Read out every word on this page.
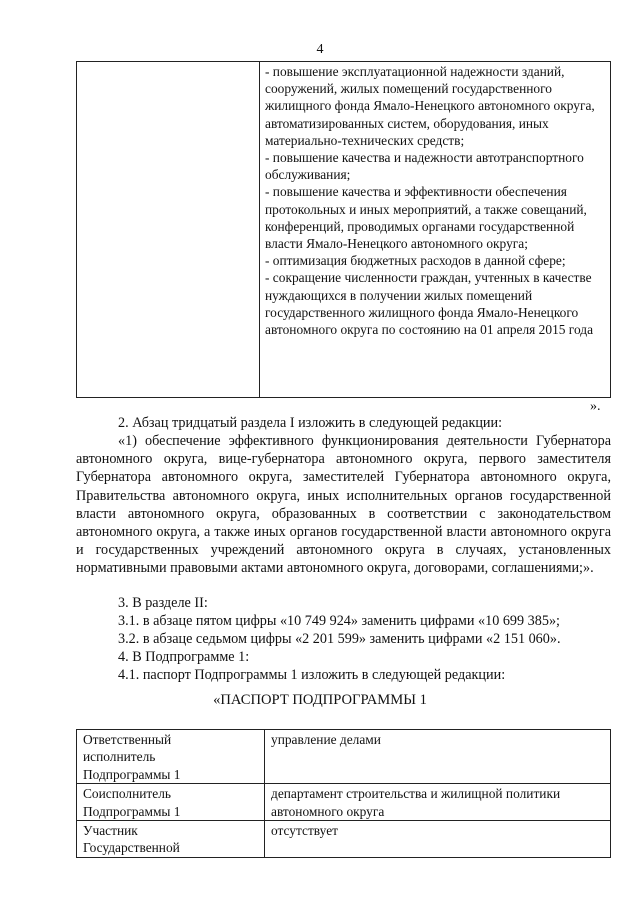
4

- повышение эксплуатационной надежности зданий, сооружений, жилых помещений государственного жилищного фонда Ямало-Ненецкого автономного округа, автоматизированных систем, оборудования, иных материально-технических средств;

- повышение качества и надежности автотранспортного обслуживания;

- повышение качества и эффективности обеспечения протокольных и иных мероприятий, а также совещаний, конференций, проводимых органами государственной власти Ямало-Ненецкого автономного округа;

- оптимизация бюджетных расходов в данной сфере;

- сокращение численности граждан, учтенных в качестве нуждающихся в получении жилых помещений государственного жилищного фонда Ямало-Ненецкого автономного округа по состоянию на 01 апреля 2015 года

».

2. Абзац тридцатый раздела I изложить в следующей редакции:

«1) обеспечение эффективного функционирования деятельности Губернатора автономного округа, вице-губернатора автономного округа, первого заместителя Губернатора автономного округа, заместителей Губернатора автономного округа, Правительства автономного округа, иных исполнительных органов государственной власти автономного округа, образованных в соответствии с законодательством автономного округа, а также иных органов государственной власти автономного округа и государственных учреждений автономного округа в случаях, установленных нормативными правовыми актами автономного округа, договорами, соглашениями;».

3. В разделе II:

3.1. в абзаце пятом цифры «10 749 924» заменить цифрами «10 699 385»;

3.2. в абзаце седьмом цифры «2 201 599» заменить цифрами «2 151 060».

4. В Подпрограмме 1:

4.1. паспорт Подпрограммы 1 изложить в следующей редакции:

«ПАСПОРТ ПОДПРОГРАММЫ 1
Ответственный
исполнитель
Подпрограммы 1	управление делами

Соисполнитель
Подпрограммы 1	департамент строительства и жилищной политики автономного округа

Участник
Государственной	отсутствует
